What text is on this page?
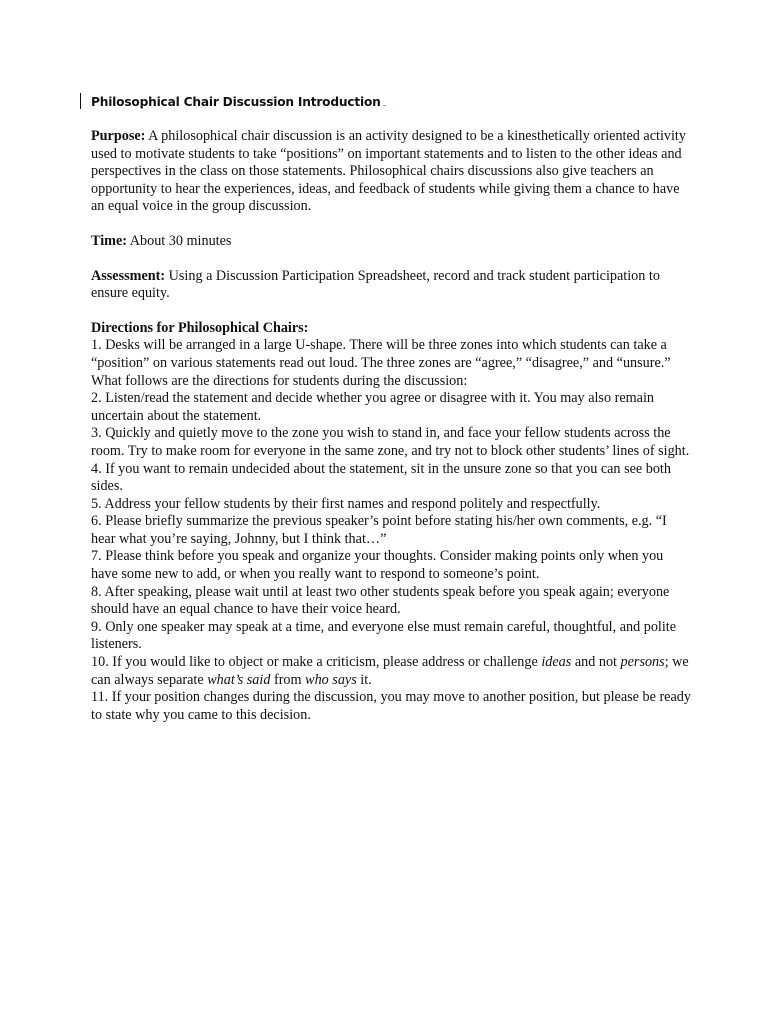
Philosophical Chair Discussion Introduction

Purpose: A philosophical chair discussion is an activity designed to be a kinesthetically oriented activity used to motivate students to take “positions” on important statements and to listen to the other ideas and perspectives in the class on those statements. Philosophical chairs discussions also give teachers an opportunity to hear the experiences, ideas, and feedback of students while giving them a chance to have an equal voice in the group discussion.

Time: About 30 minutes

Assessment: Using a Discussion Participation Spreadsheet, record and track student participation to ensure equity.

Directions for Philosophical Chairs:

1. Desks will be arranged in a large U-shape. There will be three zones into which students can take a “position” on various statements read out loud. The three zones are “agree,” “disagree,” and “unsure.” What follows are the directions for students during the discussion:
2. Listen/read the statement and decide whether you agree or disagree with it. You may also remain uncertain about the statement.
3. Quickly and quietly move to the zone you wish to stand in, and face your fellow students across the room. Try to make room for everyone in the same zone, and try not to block other students’ lines of sight.
4. If you want to remain undecided about the statement, sit in the unsure zone so that you can see both sides.
5. Address your fellow students by their first names and respond politely and respectfully.
6. Please briefly summarize the previous speaker’s point before stating his/her own comments, e.g. “I hear what you’re saying, Johnny, but I think that…”
7. Please think before you speak and organize your thoughts. Consider making points only when you have some new to add, or when you really want to respond to someone’s point.
8. After speaking, please wait until at least two other students speak before you speak again; everyone should have an equal chance to have their voice heard.
9. Only one speaker may speak at a time, and everyone else must remain careful, thoughtful, and polite listeners.
10. If you would like to object or make a criticism, please address or challenge ideas and not persons; we can always separate what’s said from who says it.
11. If your position changes during the discussion, you may move to another position, but please be ready to state why you came to this decision.
